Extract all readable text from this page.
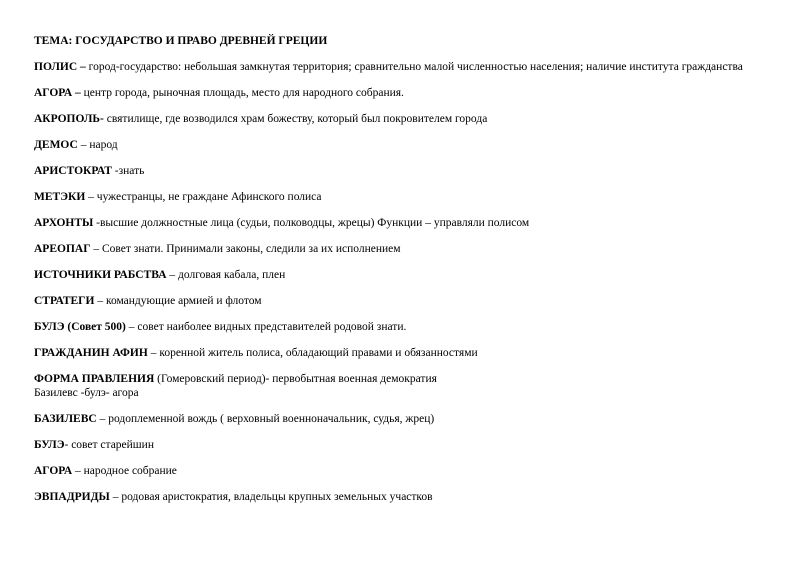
ТЕМА: ГОСУДАРСТВО И ПРАВО ДРЕВНЕЙ ГРЕЦИИ
ПОЛИС – город-государство: небольшая замкнутая территория; сравнительно малой численностью населения; наличие института гражданства
АГОРА – центр города, рыночная площадь, место для народного собрания.
АКРОПОЛЬ- святилище, где возводился храм божеству, который был покровителем города
ДЕМОС – народ
АРИСТОКРАТ -знать
МЕТЭКИ – чужестранцы, не граждане Афинского полиса
АРХОНТЫ -высшие должностные лица (судьи, полководцы, жрецы) Функции – управляли полисом
АРЕОПАГ – Совет знати. Принимали законы, следили за их исполнением
ИСТОЧНИКИ РАБСТВА – долговая кабала, плен
СТРАТЕГИ – командующие армией и флотом
БУЛЭ (Совет 500) – совет наиболее видных представителей родовой знати.
ГРАЖДАНИН АФИН – коренной житель полиса, обладающий правами и обязанностями
ФОРМА ПРАВЛЕНИЯ (Гомеровский период)- первобытная военная демократия
Базилевс -булэ- агора
БАЗИЛЕВС – родоплеменной вождь ( верховный военноначальник, судья, жрец)
БУЛЭ- совет старейшин
АГОРА – народное собрание
ЭВПАДРИДЫ – родовая аристократия, владельцы крупных земельных участков
